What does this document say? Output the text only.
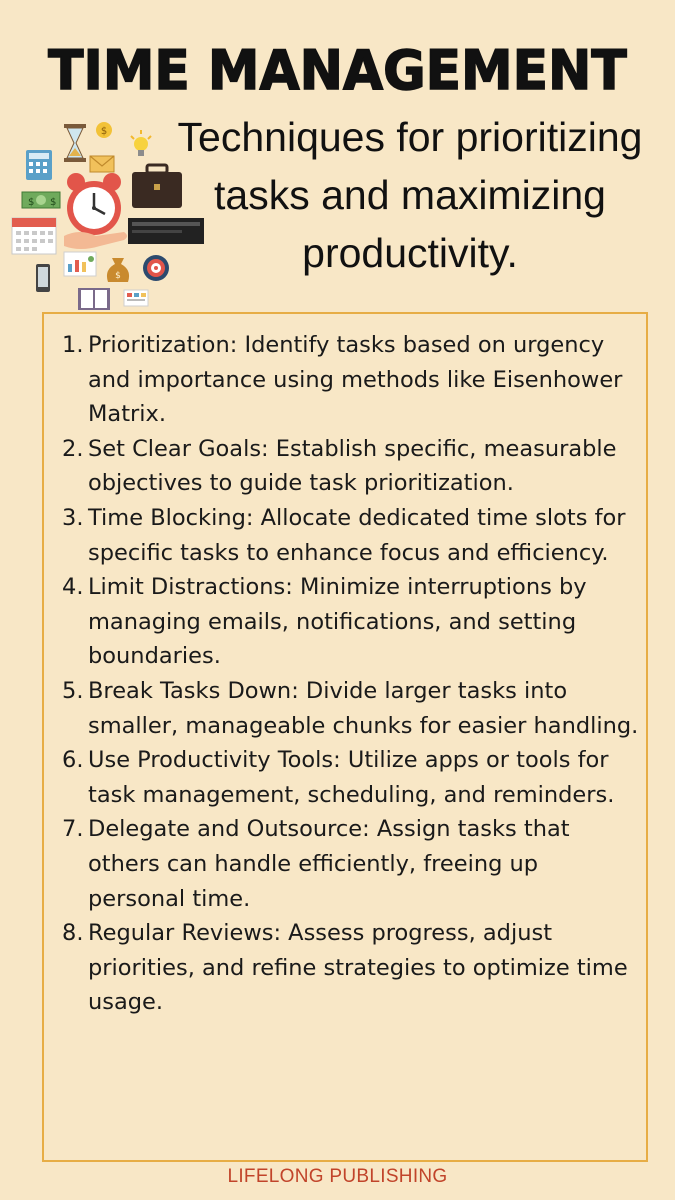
TIME MANAGEMENT
Techniques for prioritizing tasks and maximizing productivity.
$
$ $
$
1. Prioritization: Identify tasks based on urgency and importance using methods like Eisenhower Matrix.
2. Set Clear Goals: Establish specific, measurable objectives to guide task prioritization.
3. Time Blocking: Allocate dedicated time slots for specific tasks to enhance focus and efficiency.
4. Limit Distractions: Minimize interruptions by managing emails, notifications, and setting boundaries.
5. Break Tasks Down: Divide larger tasks into smaller, manageable chunks for easier handling.
6. Use Productivity Tools: Utilize apps or tools for task management, scheduling, and reminders.
7. Delegate and Outsource: Assign tasks that others can handle efficiently, freeing up personal time.
8. Regular Reviews: Assess progress, adjust priorities, and refine strategies to optimize time usage.
LIFELONG PUBLISHING
